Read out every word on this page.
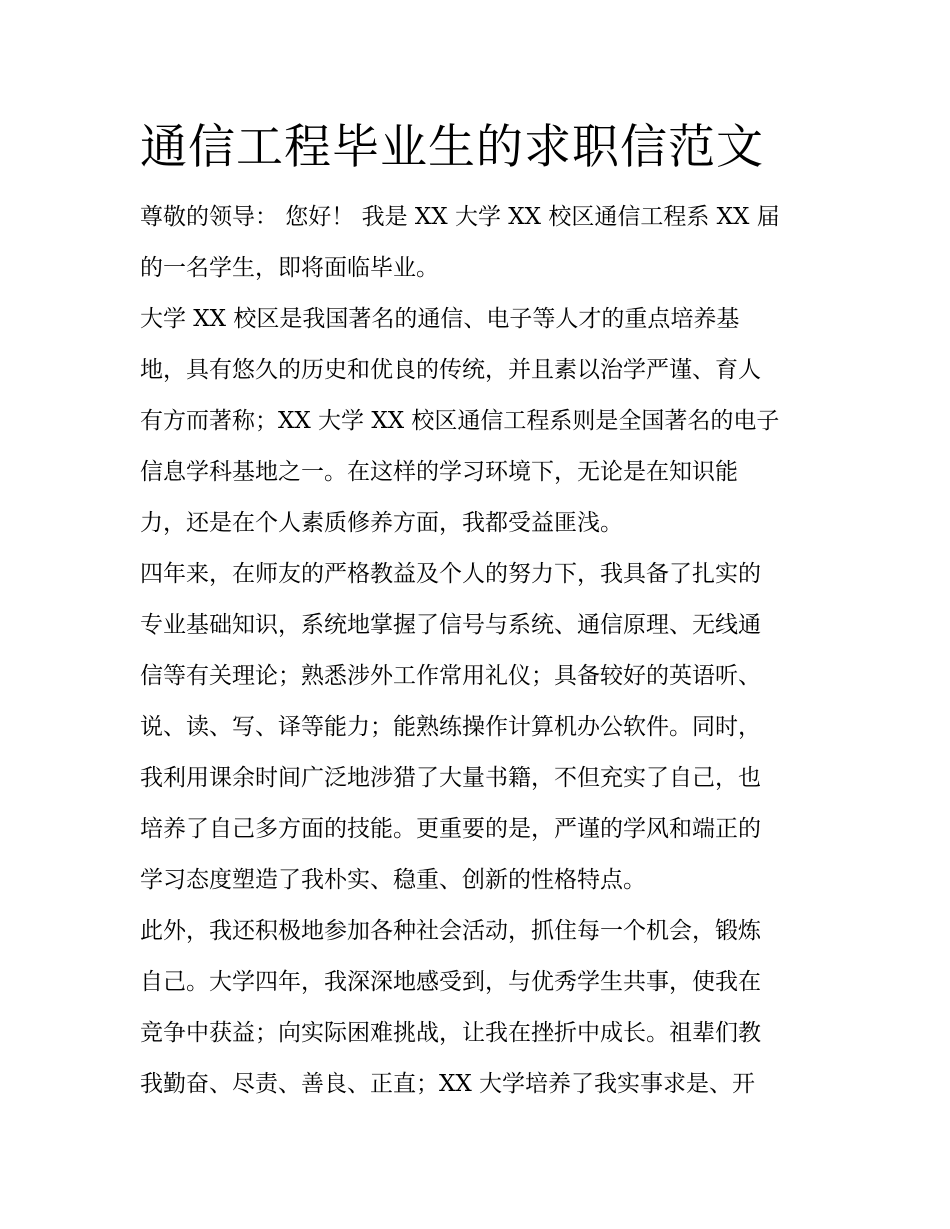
通信工程毕业生的求职信范文

尊敬的领导： 您好！ 我是 XX 大学 XX 校区通信工程系 XX 届
的一名学生，即将面临毕业。

大学 XX 校区是我国著名的通信、电子等人才的重点培养基
地，具有悠久的历史和优良的传统，并且素以治学严谨、育人
有方而著称；XX 大学 XX 校区通信工程系则是全国著名的电子
信息学科基地之一。在这样的学习环境下，无论是在知识能
力，还是在个人素质修养方面，我都受益匪浅。

四年来，在师友的严格教益及个人的努力下，我具备了扎实的
专业基础知识，系统地掌握了信号与系统、通信原理、无线通
信等有关理论；熟悉涉外工作常用礼仪；具备较好的英语听、
说、读、写、译等能力；能熟练操作计算机办公软件。同时，
我利用课余时间广泛地涉猎了大量书籍，不但充实了自己，也
培养了自己多方面的技能。更重要的是，严谨的学风和端正的
学习态度塑造了我朴实、稳重、创新的性格特点。

此外，我还积极地参加各种社会活动，抓住每一个机会，锻炼
自己。大学四年，我深深地感受到，与优秀学生共事，使我在
竞争中获益；向实际困难挑战，让我在挫折中成长。祖辈们教
我勤奋、尽责、善良、正直；XX 大学培养了我实事求是、开
